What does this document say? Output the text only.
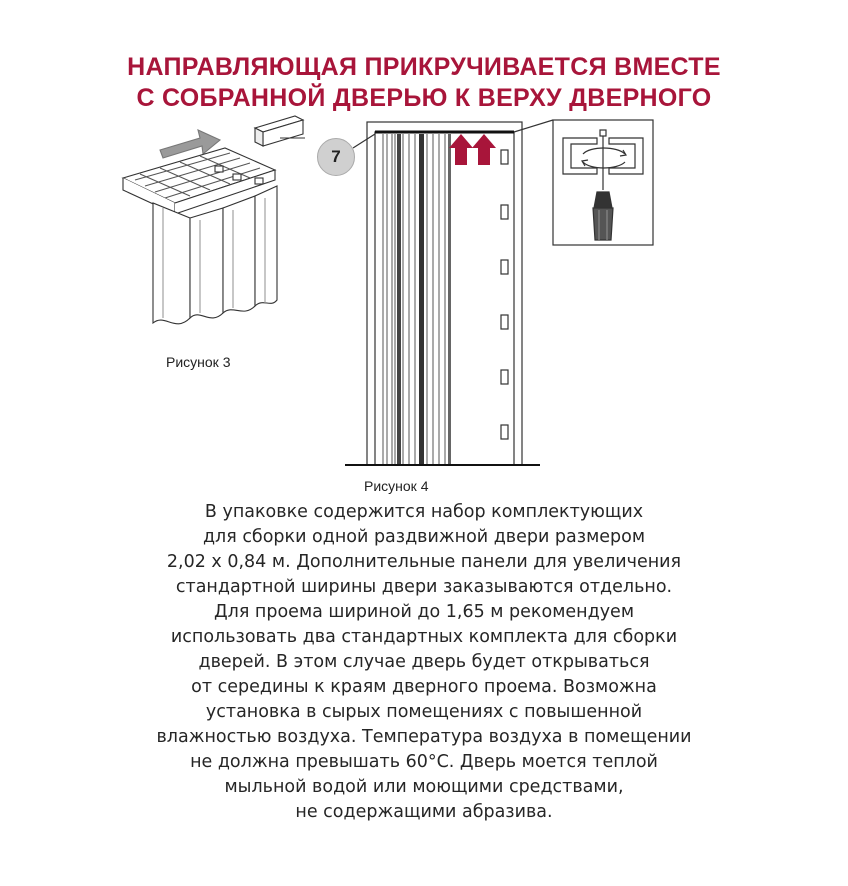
НАПРАВЛЯЮЩАЯ ПРИКРУЧИВАЕТСЯ ВМЕСТЕ
С СОБРАННОЙ ДВЕРЬЮ К ВЕРХУ ДВЕРНОГО
Рисунок 3
7
Рисунок 4
В упаковке содержится набор комплектующих
для сборки одной раздвижной двери размером
2,02 х 0,84 м. Дополнительные панели для увеличения
стандартной ширины двери заказываются отдельно.
Для проема шириной до 1,65 м рекомендуем
использовать два стандартных комплекта для сборки
дверей. В этом случае дверь будет открываться
от середины к краям дверного проема. Возможна
установка в сырых помещениях с повышенной
влажностью воздуха. Температура воздуха в помещении
не должна превышать 60°С. Дверь моется теплой
мыльной водой или моющими средствами,
не содержащими абразива.
